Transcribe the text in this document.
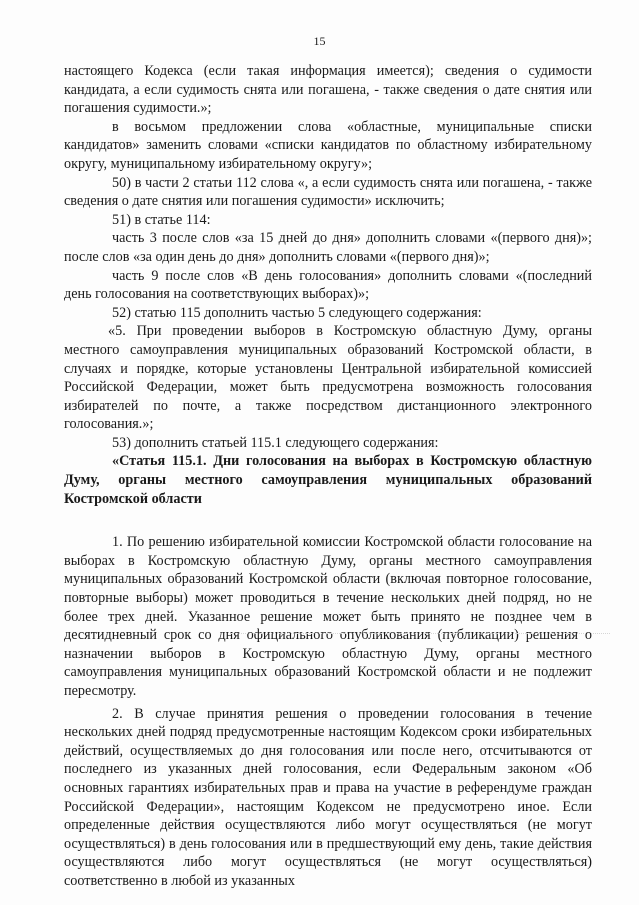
15

настоящего Кодекса (если такая информация имеется); сведения о судимости кандидата, а если судимость снята или погашена, - также сведения о дате снятия или погашения судимости.»;

в восьмом предложении слова «областные, муниципальные списки кандидатов» заменить словами «списки кандидатов по областному избирательному округу, муниципальному избирательному округу»;

50) в части 2 статьи 112 слова «, а если судимость снята или погашена, - также сведения о дате снятия или погашения судимости» исключить;

51) в статье 114:

часть 3 после слов «за 15 дней до дня» дополнить словами «(первого дня)»; после слов «за один день до дня» дополнить словами «(первого дня)»;

часть 9 после слов «В день голосования» дополнить словами «(последний день голосования на соответствующих выборах)»;

52) статью 115 дополнить частью 5 следующего содержания:

«5. При проведении выборов в Костромскую областную Думу, органы местного самоуправления муниципальных образований Костромской области, в случаях и порядке, которые установлены Центральной избирательной комиссией Российской Федерации, может быть предусмотрена возможность голосования избирателей по почте, а также посредством дистанционного электронного голосования.»;

53) дополнить статьей 115.1 следующего содержания:

«Статья 115.1. Дни голосования на выборах в Костромскую областную Думу, органы местного самоуправления муниципальных образований Костромской области

1. По решению избирательной комиссии Костромской области голосование на выборах в Костромскую областную Думу, органы местного самоуправления муниципальных образований Костромской области (включая повторное голосование, повторные выборы) может проводиться в течение нескольких дней подряд, но не более трех дней. Указанное решение может быть принято не позднее чем в десятидневный срок со дня официального опубликования (публикации) решения о назначении выборов в Костромскую областную Думу, органы местного самоуправления муниципальных образований Костромской области и не подлежит пересмотру.

2. В случае принятия решения о проведении голосования в течение нескольких дней подряд предусмотренные настоящим Кодексом сроки избирательных действий, осуществляемых до дня голосования или после него, отсчитываются от последнего из указанных дней голосования, если Федеральным законом «Об основных гарантиях избирательных прав и права на участие в референдуме граждан Российской Федерации», настоящим Кодексом не предусмотрено иное. Если определенные действия осуществляются либо могут осуществляться (не могут осуществляться) в день голосования или в предшествующий ему день, такие действия осуществляются либо могут осуществляться (не могут осуществляться) соответственно в любой из указанных
